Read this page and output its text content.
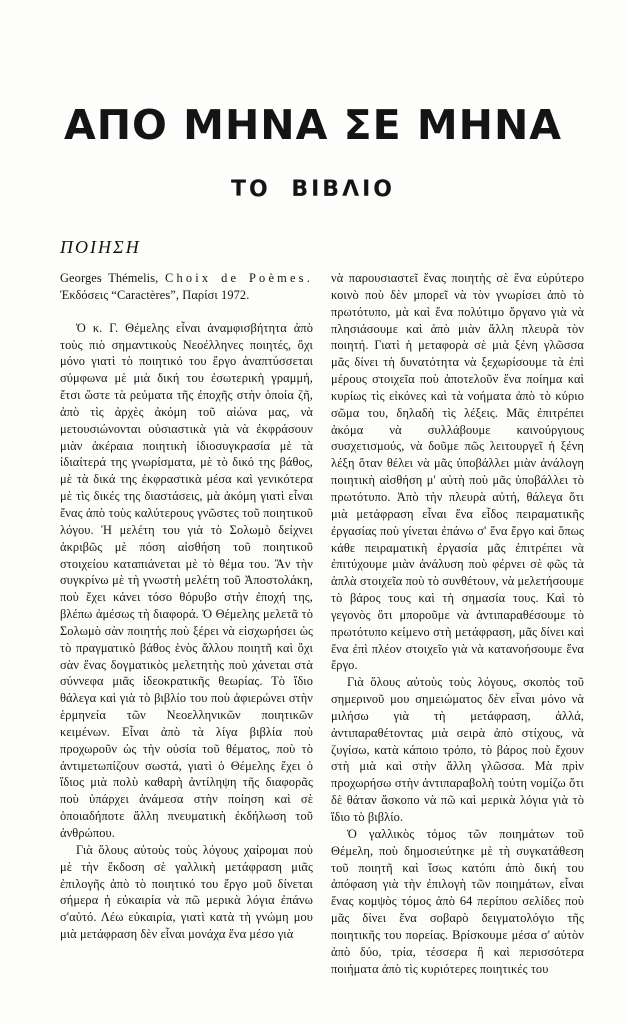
ΑΠΟ ΜΗΝΑ ΣΕ ΜΗΝΑ
ΤΟ ΒΙΒΛΙΟ
ΠΟΙΗΣΗ

Georges Thémelis, Choix de Poèmes. Ἐκδόσεις “Caractères”, Παρίσι 1972.

Ὁ κ. Γ. Θέμελης εἶναι ἀναμφισβήτητα ἀπὸ τοὺς πιὸ σημαντικοὺς Νεοέλληνες ποιητές, ὄχι μόνο γιατὶ τὸ ποιητικό του ἔργο ἀναπτύσσεται σύμφωνα μὲ μιὰ δική του ἐσωτερικὴ γραμμή, ἔτσι ὥστε τὰ ρεύματα τῆς ἐποχῆς στὴν ὁποία ζῆ, ἀπὸ τὶς ἀρχὲς ἀκόμη τοῦ αἰώνα μας, νὰ μετουσιώνονται οὐσιαστικὰ γιὰ νὰ ἐκφράσουν μιὰν ἀκέραια ποιητικὴ ἰδιοσυγκρασία μὲ τὰ ἰδιαίτερά της γνωρίσματα, μὲ τὸ δικό της βάθος, μὲ τὰ δικά της ἐκφραστικὰ μέσα καὶ γενικότερα μὲ τὶς δικές της διαστάσεις, μὰ ἀκόμη γιατὶ εἶναι ἕνας ἀπὸ τοὺς καλύτερους γνῶστες τοῦ ποιητικοῦ λόγου. Ἡ μελέτη του γιὰ τὸ Σολωμὸ δείχνει ἀκριβῶς μὲ πόση αἰσθήση τοῦ ποιητικοῦ στοιχείου καταπιάνεται μὲ τὸ θέμα του. Ἂν τὴν συγκρίνω μὲ τὴ γνωστὴ μελέτη τοῦ Ἀποστολάκη, ποὺ ἔχει κάνει τόσο θόρυβο στὴν ἐποχή της, βλέπω ἀμέσως τὴ διαφορά. Ὁ Θέμελης μελετᾶ τὸ Σολωμὸ σὰν ποιητὴς ποὺ ξέρει νὰ εἰσχωρήσει ὡς τὸ πραγματικὸ βάθος ἑνὸς ἄλλου ποιητῆ καὶ ὄχι σὰν ἕνας δογματικὸς μελετητὴς ποὺ χάνεται στὰ σύννεφα μιᾶς ἰδεοκρατικῆς θεωρίας. Τὸ ἴδιο θάλεγα καὶ γιὰ τὸ βιβλίο του ποὺ ἀφιερώνει στὴν ἑρμηνεία τῶν Νεοελληνικῶν ποιητικῶν κειμένων. Εἶναι ἀπὸ τὰ λίγα βιβλία ποὺ προχωροῦν ὡς τὴν οὐσία τοῦ θέματος, ποὺ τὸ ἀντιμετωπίζουν σωστά, γιατὶ ὁ Θέμελης ἔχει ὁ ἴδιος μιὰ πολὺ καθαρὴ ἀντίληψη τῆς διαφορᾶς ποὺ ὑπάρχει ἀνάμεσα στὴν ποίηση καὶ σὲ ὁποιαδήποτε ἄλλη πνευματικὴ ἐκδήλωση τοῦ ἀνθρώπου.

Γιὰ ὅλους αὐτοὺς τοὺς λόγους χαίρομαι ποὺ μὲ τὴν ἔκδοση σὲ γαλλικὴ μετάφραση μιᾶς ἐπιλογῆς ἀπὸ τὸ ποιητικό του ἔργο μοῦ δίνεται σήμερα ἡ εὐκαιρία νὰ πῶ μερικὰ λόγια ἐπάνω σ'αὐτό. Λέω εὐκαιρία, γιατὶ κατὰ τὴ γνώμη μου μιὰ μετάφραση δὲν εἶναι μονάχα ἕνα μέσο γιὰ

νὰ παρουσιαστεῖ ἕνας ποιητὴς σὲ ἕνα εὐρύτερο κοινὸ ποὺ δὲν μπορεῖ νὰ τὸν γνωρίσει ἀπὸ τὸ πρωτότυπο, μὰ καὶ ἕνα πολύτιμο ὄργανο γιὰ νὰ πλησιάσουμε καὶ ἀπὸ μιὰν ἄλλη πλευρὰ τὸν ποιητή. Γιατὶ ἡ μεταφορὰ σὲ μιὰ ξένη γλῶσσα μᾶς δίνει τὴ δυνατότητα νὰ ξεχωρίσουμε τὰ ἐπὶ μέρους στοιχεῖα ποὺ ἀποτελοῦν ἕνα ποίημα καὶ κυρίως τὶς εἰκόνες καὶ τὰ νοήματα ἀπὸ τὸ κύριο σῶμα του, δηλαδὴ τὶς λέξεις. Μᾶς ἐπιτρέπει ἀκόμα νὰ συλλάβουμε καινούργιους συσχετισμούς, νὰ δοῦμε πῶς λειτουργεῖ ἡ ξένη λέξη ὅταν θέλει νὰ μᾶς ὑποβάλλει μιὰν ἀνάλογη ποιητικὴ αἰσθήση μ' αὐτὴ ποὺ μᾶς ὑποβάλλει τὸ πρωτότυπο. Ἀπὸ τὴν πλευρὰ αὐτή, θάλεγα ὅτι μιὰ μετάφραση εἶναι ἕνα εἶδος πειραματικῆς ἐργασίας ποὺ γίνεται ἐπάνω σ' ἕνα ἔργο καὶ ὅπως κάθε πειραματικὴ ἐργασία μᾶς ἐπιτρέπει νὰ ἐπιτύχουμε μιὰν ἀνάλυση ποὺ φέρνει σὲ φῶς τὰ ἁπλὰ στοιχεῖα ποὺ τὸ συνθέτουν, νὰ μελετήσουμε τὸ βάρος τους καὶ τὴ σημασία τους. Καὶ τὸ γεγονὸς ὅτι μποροῦμε νὰ ἀντιπαραθέσουμε τὸ πρωτότυπο κείμενο στὴ μετάφραση, μᾶς δίνει καὶ ἕνα ἐπὶ πλέον στοιχεῖο γιὰ νὰ κατανοήσουμε ἕνα ἔργο.

Γιὰ ὅλους αὐτοὺς τοὺς λόγους, σκοπὸς τοῦ σημερινοῦ μου σημειώματος δὲν εἶναι μόνο νὰ μιλήσω γιὰ τὴ μετάφραση, ἀλλά, ἀντιπαραθέτοντας μιὰ σειρὰ ἀπὸ στίχους, νὰ ζυγίσω, κατὰ κάποιο τρόπο, τὸ βάρος ποὺ ἔχουν στὴ μιὰ καὶ στὴν ἄλλη γλῶσσα. Μὰ πρὶν προχωρήσω στὴν ἀντιπαραβολὴ τούτη νομίζω ὅτι δὲ θάταν ἄσκοπο νὰ πῶ καὶ μερικὰ λόγια γιὰ τὸ ἴδιο τὸ βιβλίο.

Ὁ γαλλικὸς τόμος τῶν ποιημάτων τοῦ Θέμελη, ποὺ δημοσιεύτηκε μὲ τὴ συγκατάθεση τοῦ ποιητῆ καὶ ἴσως κατόπι ἀπὸ δική του ἀπόφαση γιὰ τὴν ἐπιλογὴ τῶν ποιημάτων, εἶναι ἕνας κομψὸς τόμος ἀπὸ 64 περίπου σελίδες ποὺ μᾶς δίνει ἕνα σοβαρὸ δειγματολόγιο τῆς ποιητικῆς του πορείας. Βρίσκουμε μέσα σ' αὐτὸν ἀπὸ δύο, τρία, τέσσερα ἢ καὶ περισσότερα ποιήματα ἀπὸ τὶς κυριότερες ποιητικές του
